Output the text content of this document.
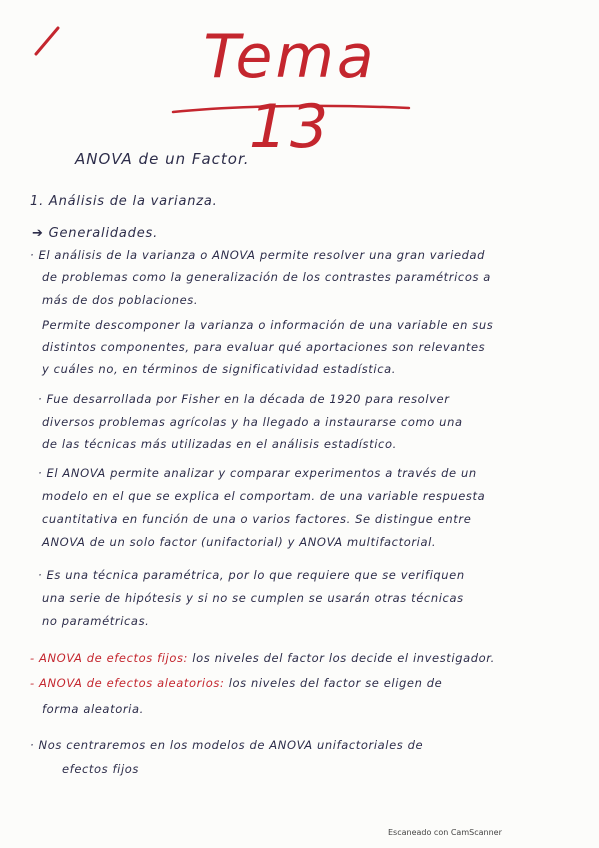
Tema 13
ANOVA de un Factor.
1. Análisis de la varianza.
➔ Generalidades.
· El análisis de la varianza o ANOVA permite resolver una gran variedad
de problemas como la generalización de los contrastes paramétricos a
más de dos poblaciones.
Permite descomponer la varianza o información de una variable en sus
distintos componentes, para evaluar qué aportaciones son relevantes
y cuáles no, en términos de significatividad estadística.
· Fue desarrollada por Fisher en la década de 1920 para resolver
diversos problemas agrícolas y ha llegado a instaurarse como una
de las técnicas más utilizadas en el análisis estadístico.
· El ANOVA permite analizar y comparar experimentos a través de un
modelo en el que se explica el comportam. de una variable respuesta
cuantitativa en función de una o varios factores. Se distingue entre
ANOVA de un solo factor (unifactorial) y ANOVA multifactorial.
· Es una técnica paramétrica, por lo que requiere que se verifiquen
una serie de hipótesis y si no se cumplen se usarán otras técnicas
no paramétricas.
- ANOVA de efectos fijos: los niveles del factor los decide el investigador.
- ANOVA de efectos aleatorios: los niveles del factor se eligen de
forma aleatoria.
· Nos centraremos en los modelos de ANOVA unifactoriales de
efectos fijos
Escaneado con CamScanner
